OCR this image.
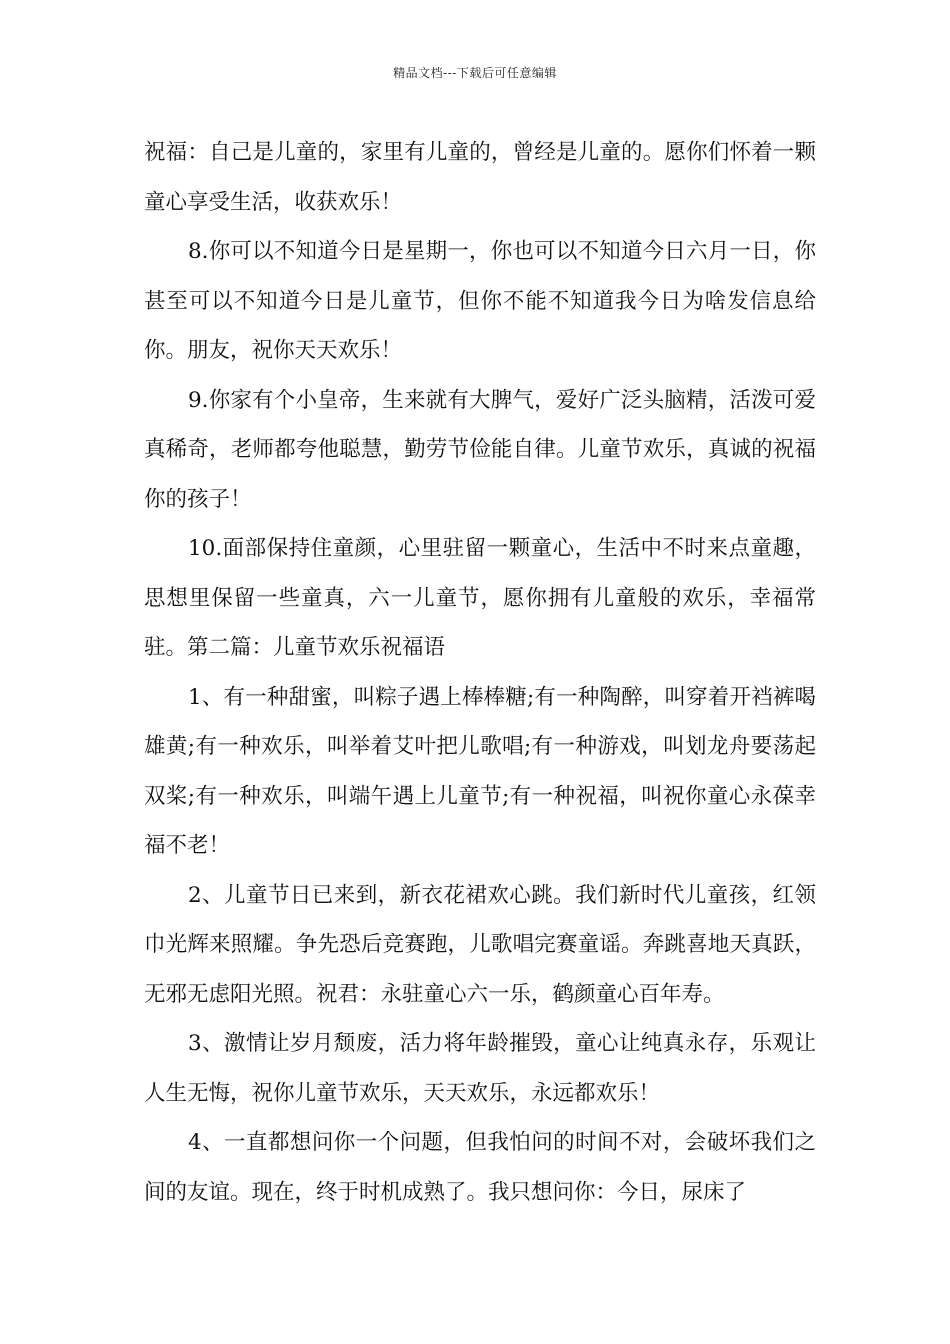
精品文档---下载后可任意编辑

祝福：自己是儿童的，家里有儿童的，曾经是儿童的。愿你们怀着一颗童心享受生活，收获欢乐！

8.你可以不知道今日是星期一，你也可以不知道今日六月一日，你甚至可以不知道今日是儿童节，但你不能不知道我今日为啥发信息给你。朋友，祝你天天欢乐！

9.你家有个小皇帝，生来就有大脾气，爱好广泛头脑精，活泼可爱真稀奇，老师都夸他聪慧，勤劳节俭能自律。儿童节欢乐，真诚的祝福你的孩子！

10.面部保持住童颜，心里驻留一颗童心，生活中不时来点童趣，思想里保留一些童真，六一儿童节，愿你拥有儿童般的欢乐，幸福常驻。第二篇：儿童节欢乐祝福语

1、有一种甜蜜，叫粽子遇上棒棒糖;有一种陶醉，叫穿着开裆裤喝雄黄;有一种欢乐，叫举着艾叶把儿歌唱;有一种游戏，叫划龙舟要荡起双桨;有一种欢乐，叫端午遇上儿童节;有一种祝福，叫祝你童心永葆幸福不老！

2、儿童节日已来到，新衣花裙欢心跳。我们新时代儿童孩，红领巾光辉来照耀。争先恐后竞赛跑，儿歌唱完赛童谣。奔跳喜地天真跃，无邪无虑阳光照。祝君：永驻童心六一乐，鹤颜童心百年寿。

3、激情让岁月颓废，活力将年龄摧毁，童心让纯真永存，乐观让人生无悔，祝你儿童节欢乐，天天欢乐，永远都欢乐！

4、一直都想问你一个问题，但我怕问的时间不对，会破坏我们之间的友谊。现在，终于时机成熟了。我只想问你：今日，尿床了
